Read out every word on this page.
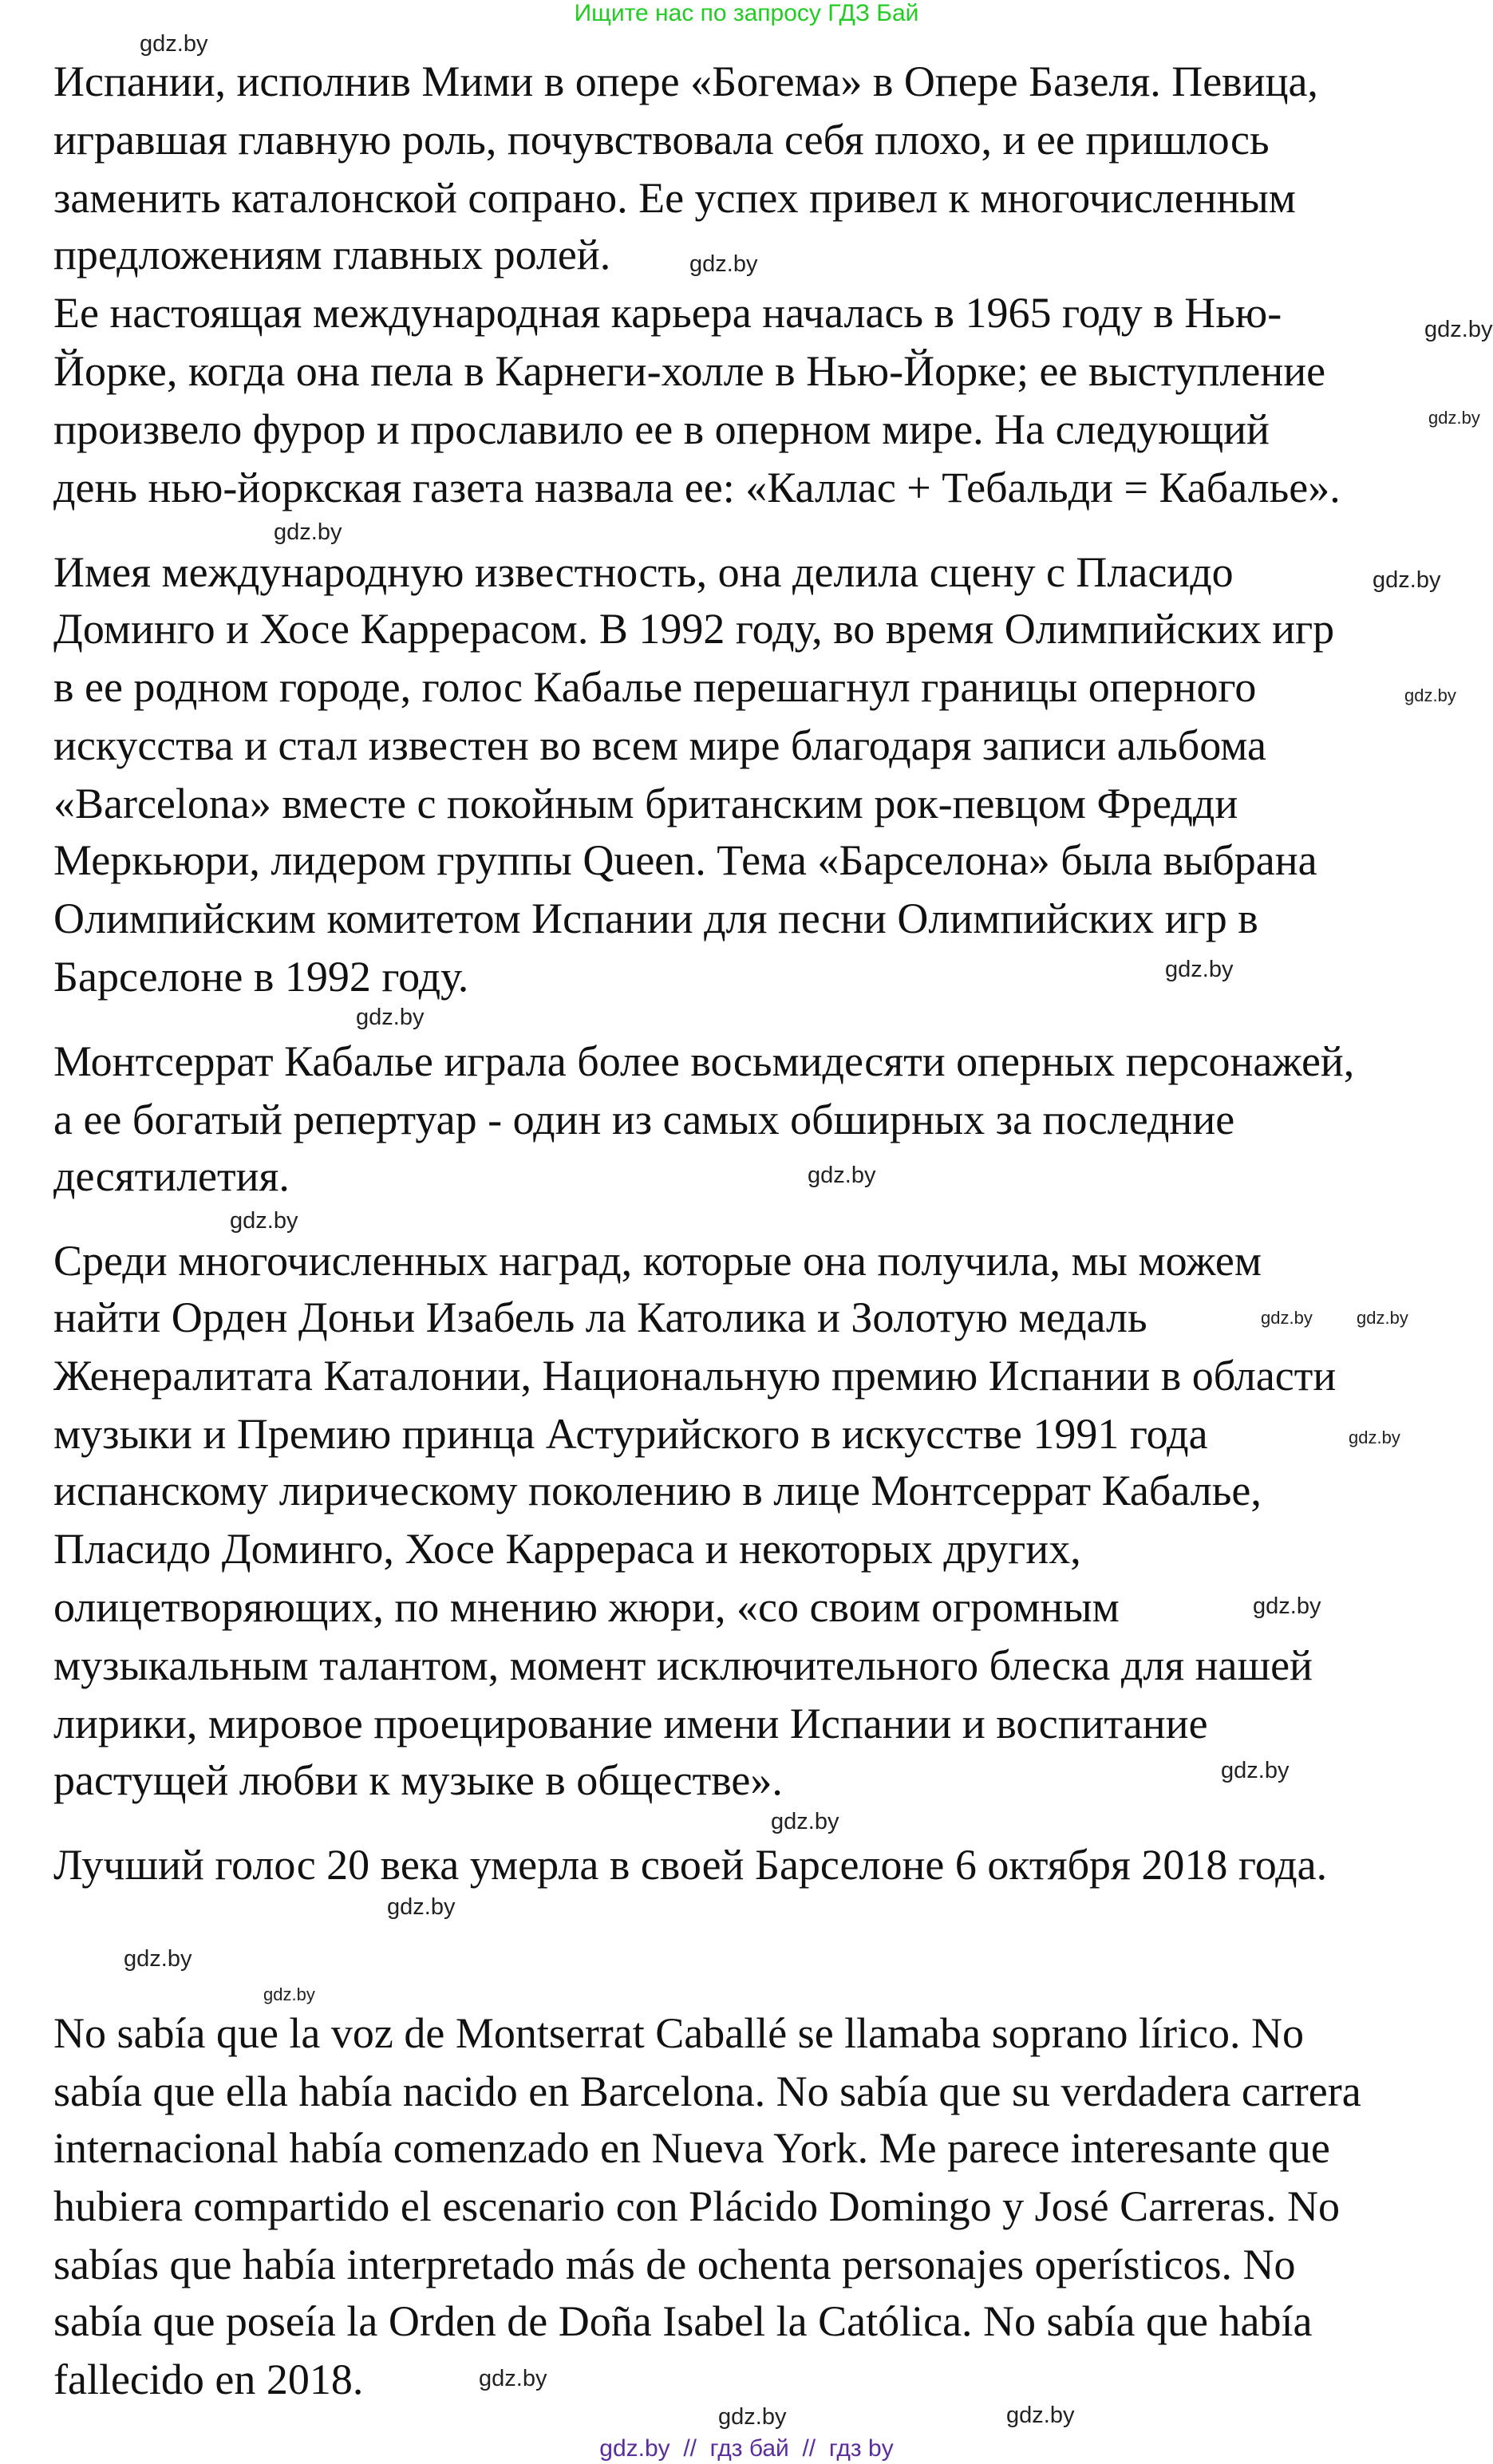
Ищите нас по запросу ГДЗ Бай
Испании, исполнив Мими в опере «Богема» в Опере Базеля. Певица,
игравшая главную роль, почувствовала себя плохо, и ее пришлось
заменить каталонской сопрано. Ее успех привел к многочисленным
предложениям главных ролей.
Ее настоящая международная карьера началась в 1965 году в Нью-
Йорке, когда она пела в Карнеги-холле в Нью-Йорке; ее выступление
произвело фурор и прославило ее в оперном мире. На следующий
день нью-йоркская газета назвала ее: «Каллас + Тебальди = Кабалье».
Имея международную известность, она делила сцену с Пласидо
Доминго и Хосе Каррерасом. В 1992 году, во время Олимпийских игр
в ее родном городе, голос Кабалье перешагнул границы оперного
искусства и стал известен во всем мире благодаря записи альбома
«Barcelona» вместе с покойным британским рок-певцом Фредди
Меркьюри, лидером группы Queen. Тема «Барселона» была выбрана
Олимпийским комитетом Испании для песни Олимпийских игр в
Барселоне в 1992 году.
Монтсеррат Кабалье играла более восьмидесяти оперных персонажей,
а ее богатый репертуар - один из самых обширных за последние
десятилетия.
Среди многочисленных наград, которые она получила, мы можем
найти Орден Доньи Изабель ла Католика и Золотую медаль
Женералитата Каталонии, Национальную премию Испании в области
музыки и Премию принца Астурийского в искусстве 1991 года
испанскому лирическому поколению в лице Монтсеррат Кабалье,
Пласидо Доминго, Хосе Каррераса и некоторых других,
олицетворяющих, по мнению жюри, «со своим огромным
музыкальным талантом, момент исключительного блеска для нашей
лирики, мировое проецирование имени Испании и воспитание
растущей любви к музыке в обществе».
Лучший голос 20 века умерла в своей Барселоне 6 октября 2018 года.
No sabía que la voz de Montserrat Caballé se llamaba soprano lírico. No
sabía que ella había nacido en Barcelona. No sabía que su verdadera carrera
internacional había comenzado en Nueva York. Me parece interesante que
hubiera compartido el escenario con Plácido Domingo y José Carreras. No
sabías que había interpretado más de ochenta personajes operísticos. No
sabía que poseía la Orden de Doña Isabel la Católica. No sabía que había
fallecido en 2018.
gdz.by
gdz.by
gdz.by
gdz.by
gdz.by
gdz.by
gdz.by
gdz.by
gdz.by
gdz.by
gdz.by
gdz.by	gdz.by
gdz.by
gdz.by
gdz.by
gdz.by
gdz.by
gdz.by
gdz.by
gdz.by
gdz.by
gdz.by
gdz.by  //  гдз бай  //  гдз by
